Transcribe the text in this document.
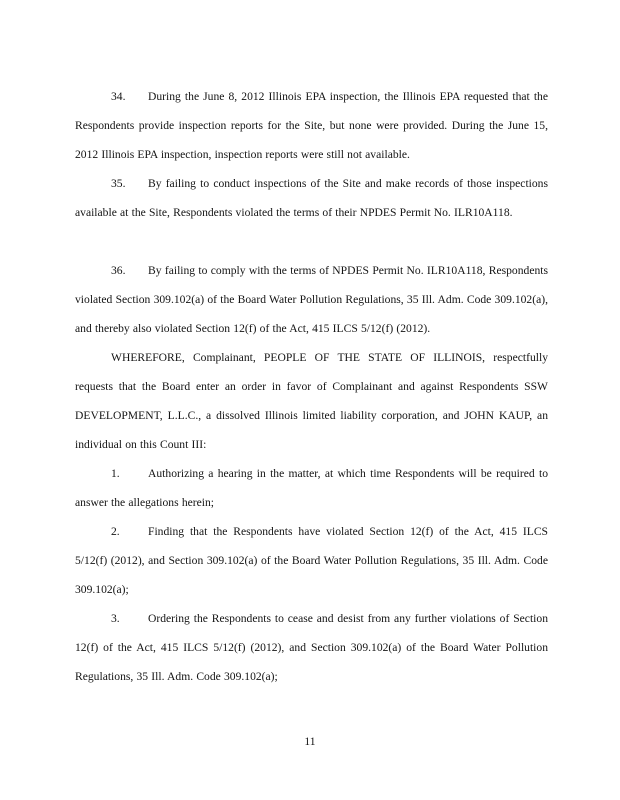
34. During the June 8, 2012 Illinois EPA inspection, the Illinois EPA requested that the Respondents provide inspection reports for the Site, but none were provided. During the June 15, 2012 Illinois EPA inspection, inspection reports were still not available.

35. By failing to conduct inspections of the Site and make records of those inspections available at the Site, Respondents violated the terms of their NPDES Permit No. ILR10A118.

36. By failing to comply with the terms of NPDES Permit No. ILR10A118, Respondents violated Section 309.102(a) of the Board Water Pollution Regulations, 35 Ill. Adm. Code 309.102(a), and thereby also violated Section 12(f) of the Act, 415 ILCS 5/12(f) (2012).

WHEREFORE, Complainant, PEOPLE OF THE STATE OF ILLINOIS, respectfully requests that the Board enter an order in favor of Complainant and against Respondents SSW DEVELOPMENT, L.L.C., a dissolved Illinois limited liability corporation, and JOHN KAUP, an individual on this Count III:

1. Authorizing a hearing in the matter, at which time Respondents will be required to answer the allegations herein;

2. Finding that the Respondents have violated Section 12(f) of the Act, 415 ILCS 5/12(f) (2012), and Section 309.102(a) of the Board Water Pollution Regulations, 35 Ill. Adm. Code 309.102(a);

3. Ordering the Respondents to cease and desist from any further violations of Section 12(f) of the Act, 415 ILCS 5/12(f) (2012), and Section 309.102(a) of the Board Water Pollution Regulations, 35 Ill. Adm. Code 309.102(a);

11
